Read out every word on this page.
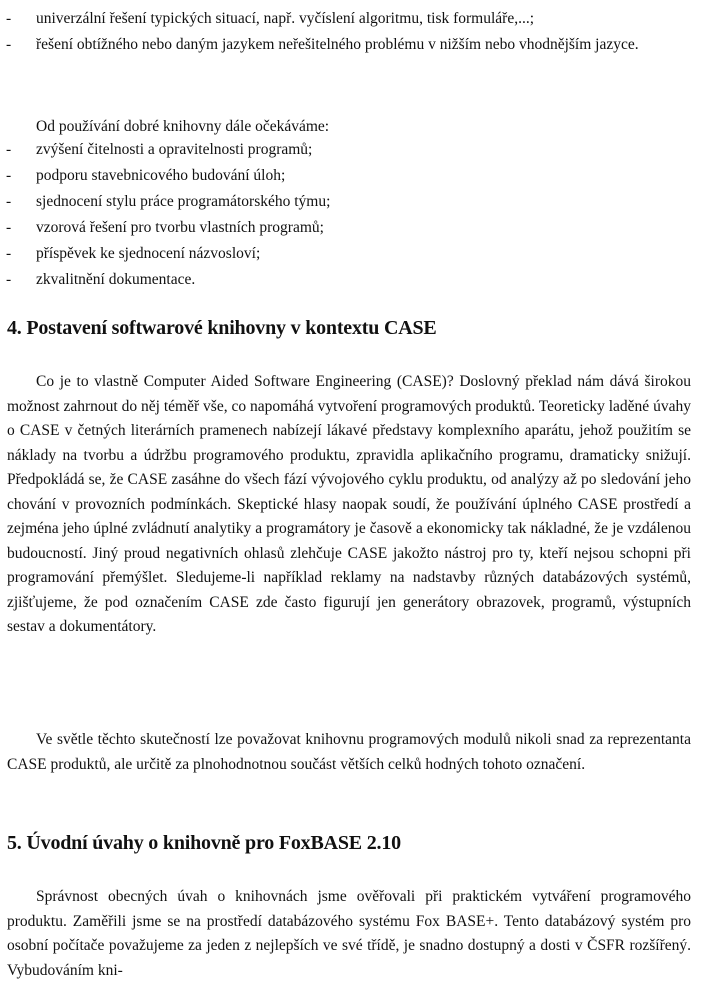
- univerzální řešení typických situací, např. vyčíslení algoritmu, tisk formuláře,...;
- řešení obtížného nebo daným jazykem neřešitelného problému v nižším nebo vhodnějším jazyce.
Od používání dobré knihovny dále očekáváme:
- zvýšení čitelnosti a opravitelnosti programů;
- podporu stavebnicového budování úloh;
- sjednocení stylu práce programátorského týmu;
- vzorová řešení pro tvorbu vlastních programů;
- příspěvek ke sjednocení názvosloví;
- zkvalitnění dokumentace.
4. Postavení softwarové knihovny v kontextu CASE

Co je to vlastně Computer Aided Software Engineering (CASE)? Doslovný překlad nám dává širokou možnost zahrnout do něj téměř vše, co napomáhá vytvoření programových produktů. Teoreticky laděné úvahy o CASE v četných literárních pramenech nabízejí lákavé představy komplexního aparátu, jehož použitím se náklady na tvorbu a údržbu programového produktu, zpravidla aplikačního programu, dramaticky snižují. Předpokládá se, že CASE zasáhne do všech fází vývojového cyklu produktu, od analýzy až po sledování jeho chování v provozních podmínkách. Skeptické hlasy naopak soudí, že používání úplného CASE prostředí a zejména jeho úplné zvládnutí analytiky a programátory je časově a ekonomicky tak nákladné, že je vzdálenou budoucností. Jiný proud negativních ohlasů zlehčuje CASE jakožto nástroj pro ty, kteří nejsou schopni při programování přemýšlet. Sledujeme-li například reklamy na nadstavby různých databázových systémů, zjišťujeme, že pod označením CASE zde často figurují jen generátory obrazovek, programů, výstupních sestav a dokumentátory.

Ve světle těchto skutečností lze považovat knihovnu programových modulů nikoli snad za reprezentanta CASE produktů, ale určitě za plnohodnotnou součást větších celků hodných tohoto označení.

5. Úvodní úvahy o knihovně pro FoxBASE 2.10

Správnost obecných úvah o knihovnách jsme ověřovali při praktickém vytváření programového produktu. Zaměřili jsme se na prostředí databázového systému Fox BASE+. Tento databázový systém pro osobní počítače považujeme za jeden z nejlepších ve své třídě, je snadno dostupný a dosti v ČSFR rozšířený. Vybudováním kni-
